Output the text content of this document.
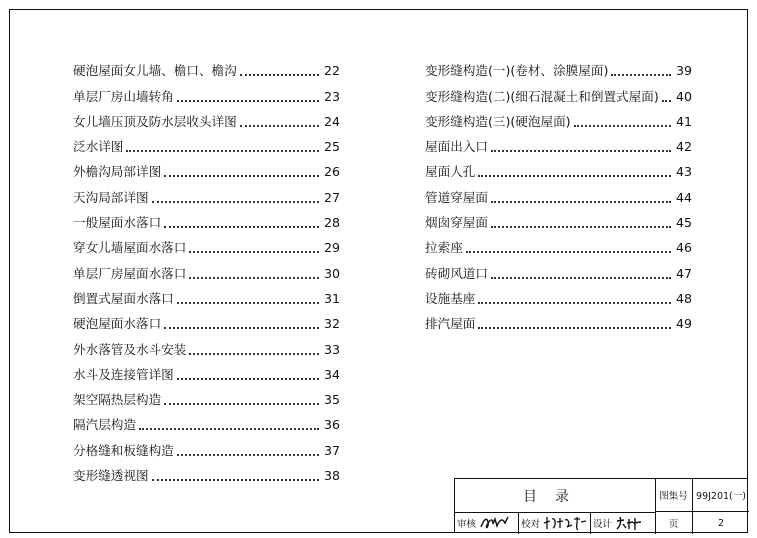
硬泡屋面女儿墙、檐口、檐沟	22
单层厂房山墙转角	23
女儿墙压顶及防水层收头详图	24
泛水详图	25
外檐沟局部详图	26
天沟局部详图	27
一般屋面水落口	28
穿女儿墙屋面水落口	29
单层厂房屋面水落口	30
倒置式屋面水落口	31
硬泡屋面水落口	32
外水落管及水斗安装	33
水斗及连接管详图	34
架空隔热层构造	35
隔汽层构造	36
分格缝和板缝构造	37
变形缝透视图	38
变形缝构造(一)(卷材、涂膜屋面)	39
变形缝构造(二)(细石混凝土和倒置式屋面) 40
变形缝构造(三)(硬泡屋面)	41
屋面出入口	42
屋面人孔	43
管道穿屋面	44
烟囱穿屋面	45
拉索座	46
砖砌风道口	47
设施基座	48
排汽屋面	49
目录	图集号 99J201(一)
审核	校对	设计	页	2
